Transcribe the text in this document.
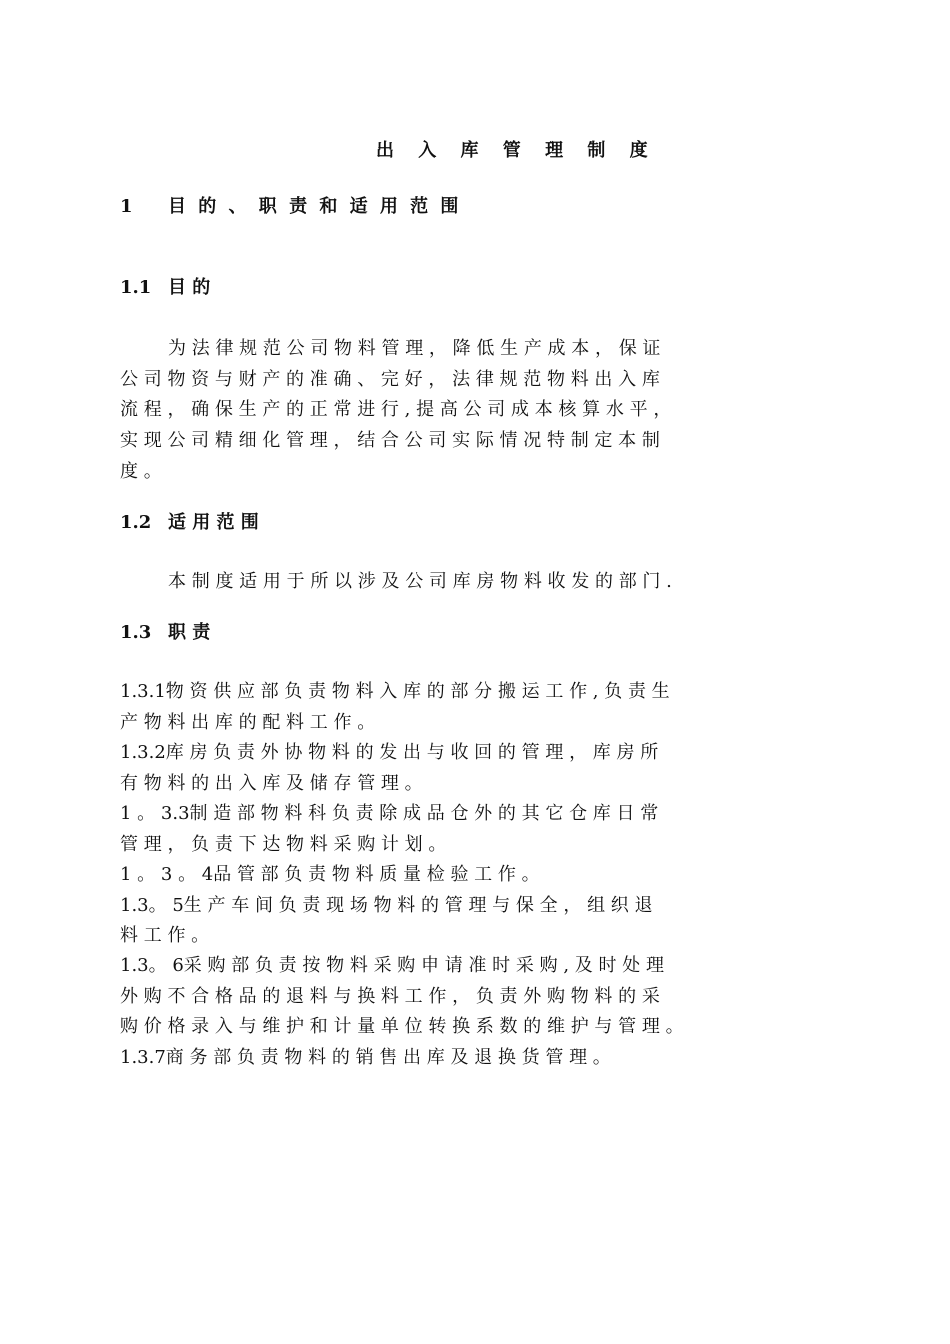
出 入 库 管 理 制 度
1 目 的 、 职 责 和 适 用 范 围
1.1 目 的
为 法 律 规 范 公 司 物 料 管 理 ， 降 低 生 产 成 本 ， 保 证
公 司 物 资 与 财 产 的 准 确 、 完 好 ， 法 律 规 范 物 料 出 入 库
流 程 ， 确 保 生 产 的 正 常 进 行 , 提 高 公 司 成 本 核 算 水 平 ，
实 现 公 司 精 细 化 管 理 ， 结 合 公 司 实 际 情 况 特 制 定 本 制
度 。
1.2 适 用 范 围
本 制 度 适 用 于 所 以 涉 及 公 司 库 房 物 料 收 发 的 部 门 .
1.3 职 责
1.3.1物 资 供 应 部 负 责 物 料 入 库 的 部 分 搬 运 工 作 , 负 责 生
产 物 料 出 库 的 配 料 工 作 。
1.3.2库 房 负 责 外 协 物 料 的 发 出 与 收 回 的 管 理 ， 库 房 所
有 物 料 的 出 入 库 及 储 存 管 理 。
1 。 3.3制 造 部 物 料 科 负 责 除 成 品 仓 外 的 其 它 仓 库 日 常
管 理 ， 负 责 下 达 物 料 采 购 计 划 。
1 。 3 。 4品 管 部 负 责 物 料 质 量 检 验 工 作 。
1.3。 5生 产 车 间 负 责 现 场 物 料 的 管 理 与 保 全 ， 组 织 退
料 工 作 。
1.3。 6采 购 部 负 责 按 物 料 采 购 申 请 准 时 采 购 , 及 时 处 理
外 购 不 合 格 品 的 退 料 与 换 料 工 作 ， 负 责 外 购 物 料 的 采
购 价 格 录 入 与 维 护 和 计 量 单 位 转 换 系 数 的 维 护 与 管 理 。
1.3.7商 务 部 负 责 物 料 的 销 售 出 库 及 退 换 货 管 理 。
